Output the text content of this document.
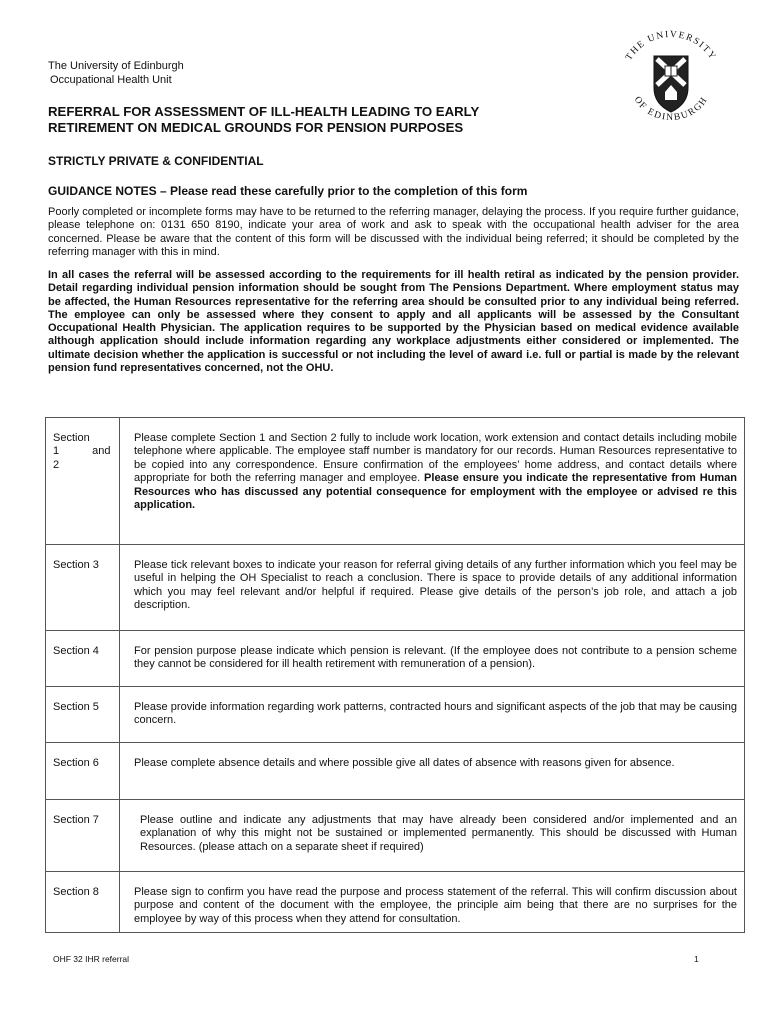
The University of Edinburgh
Occupational Health Unit
THE UNIVERSITY
OF EDINBURGH
REFERRAL FOR ASSESSMENT OF ILL-HEALTH LEADING TO EARLY
RETIREMENT ON MEDICAL GROUNDS FOR PENSION PURPOSES
STRICTLY PRIVATE & CONFIDENTIAL
GUIDANCE NOTES – Please read these carefully prior to the completion of this form
Poorly completed or incomplete forms may have to be returned to the referring manager, delaying the process. If you require further guidance, please telephone on: 0131 650 8190, indicate your area of work and ask to speak with the occupational health adviser for the area concerned. Please be aware that the content of this form will be discussed with the individual being referred; it should be completed by the referring manager with this in mind.
In all cases the referral will be assessed according to the requirements for ill health retiral as indicated by the pension provider. Detail regarding individual pension information should be sought from The Pensions Department. Where employment status may be affected, the Human Resources representative for the referring area should be consulted prior to any individual being referred. The employee can only be assessed where they consent to apply and all applicants will be assessed by the Consultant Occupational Health Physician. The application requires to be supported by the Physician based on medical evidence available although application should include information regarding any workplace adjustments either considered or implemented. The ultimate decision whether the application is successful or not including the level of award i.e. full or partial is made by the relevant pension fund representatives concerned, not the OHU.
Section 1 and 2	Please complete Section 1 and Section 2 fully to include work location, work extension and contact details including mobile telephone where applicable. The employee staff number is mandatory for our records. Human Resources representative to be copied into any correspondence. Ensure confirmation of the employees’ home address, and contact details where appropriate for both the referring manager and employee. Please ensure you indicate the representative from Human Resources who has discussed any potential consequence for employment with the employee or advised re this application.
Section 3	Please tick relevant boxes to indicate your reason for referral giving details of any further information which you feel may be useful in helping the OH Specialist to reach a conclusion. There is space to provide details of any additional information which you may feel relevant and/or helpful if required. Please give details of the person’s job role, and attach a job description.
Section 4	For pension purpose please indicate which pension is relevant. (If the employee does not contribute to a pension scheme they cannot be considered for ill health retirement with remuneration of a pension).
Section 5	Please provide information regarding work patterns, contracted hours and significant aspects of the job that may be causing concern.
Section 6	Please complete absence details and where possible give all dates of absence with reasons given for absence.
Section 7	Please outline and indicate any adjustments that may have already been considered and/or implemented and an explanation of why this might not be sustained or implemented permanently. This should be discussed with Human Resources. (please attach on a separate sheet if required)
Section 8	Please sign to confirm you have read the purpose and process statement of the referral. This will confirm discussion about purpose and content of the document with the employee, the principle aim being that there are no surprises for the employee by way of this process when they attend for consultation.
OHF 32 IHR referral	1
